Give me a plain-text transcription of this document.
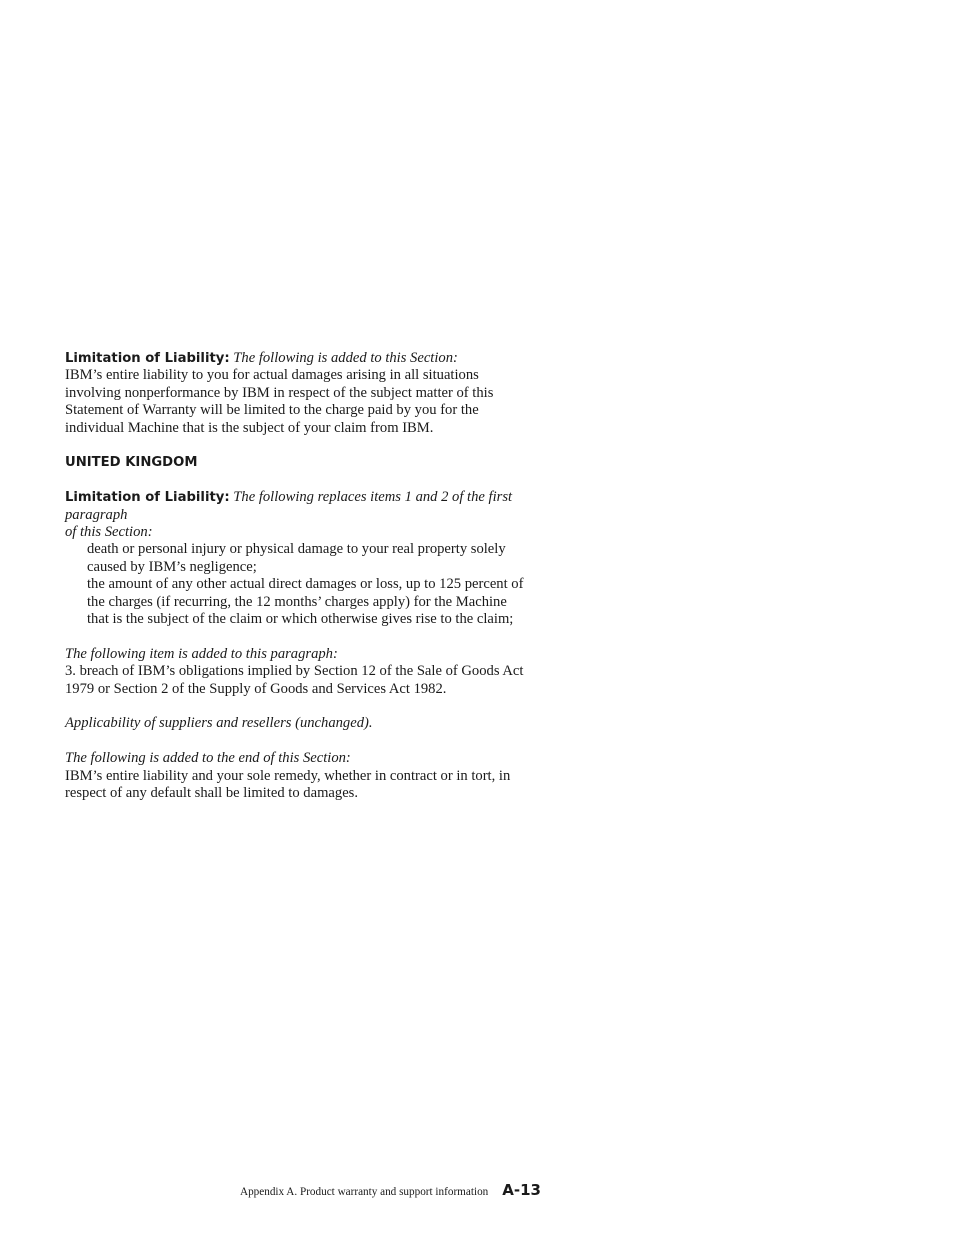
Limitation of Liability: The following is added to this Section:

IBM’s entire liability to you for actual damages arising in all situations

involving nonperformance by IBM in respect of the subject matter of this

Statement of Warranty will be limited to the charge paid by you for the

individual Machine that is the subject of your claim from IBM.

UNITED KINGDOM

Limitation of Liability: The following replaces items 1 and 2 of the first paragraph

of this Section:

death or personal injury or physical damage to your real property solely

caused by IBM’s negligence;

the amount of any other actual direct damages or loss, up to 125 percent of

the charges (if recurring, the 12 months’ charges apply) for the Machine

that is the subject of the claim or which otherwise gives rise to the claim;

The following item is added to this paragraph:

3. breach of IBM’s obligations implied by Section 12 of the Sale of Goods Act

1979 or Section 2 of the Supply of Goods and Services Act 1982.

Applicability of suppliers and resellers (unchanged).

The following is added to the end of this Section:

IBM’s entire liability and your sole remedy, whether in contract or in tort, in

respect of any default shall be limited to damages.

Appendix A. Product warranty and support information A-13
